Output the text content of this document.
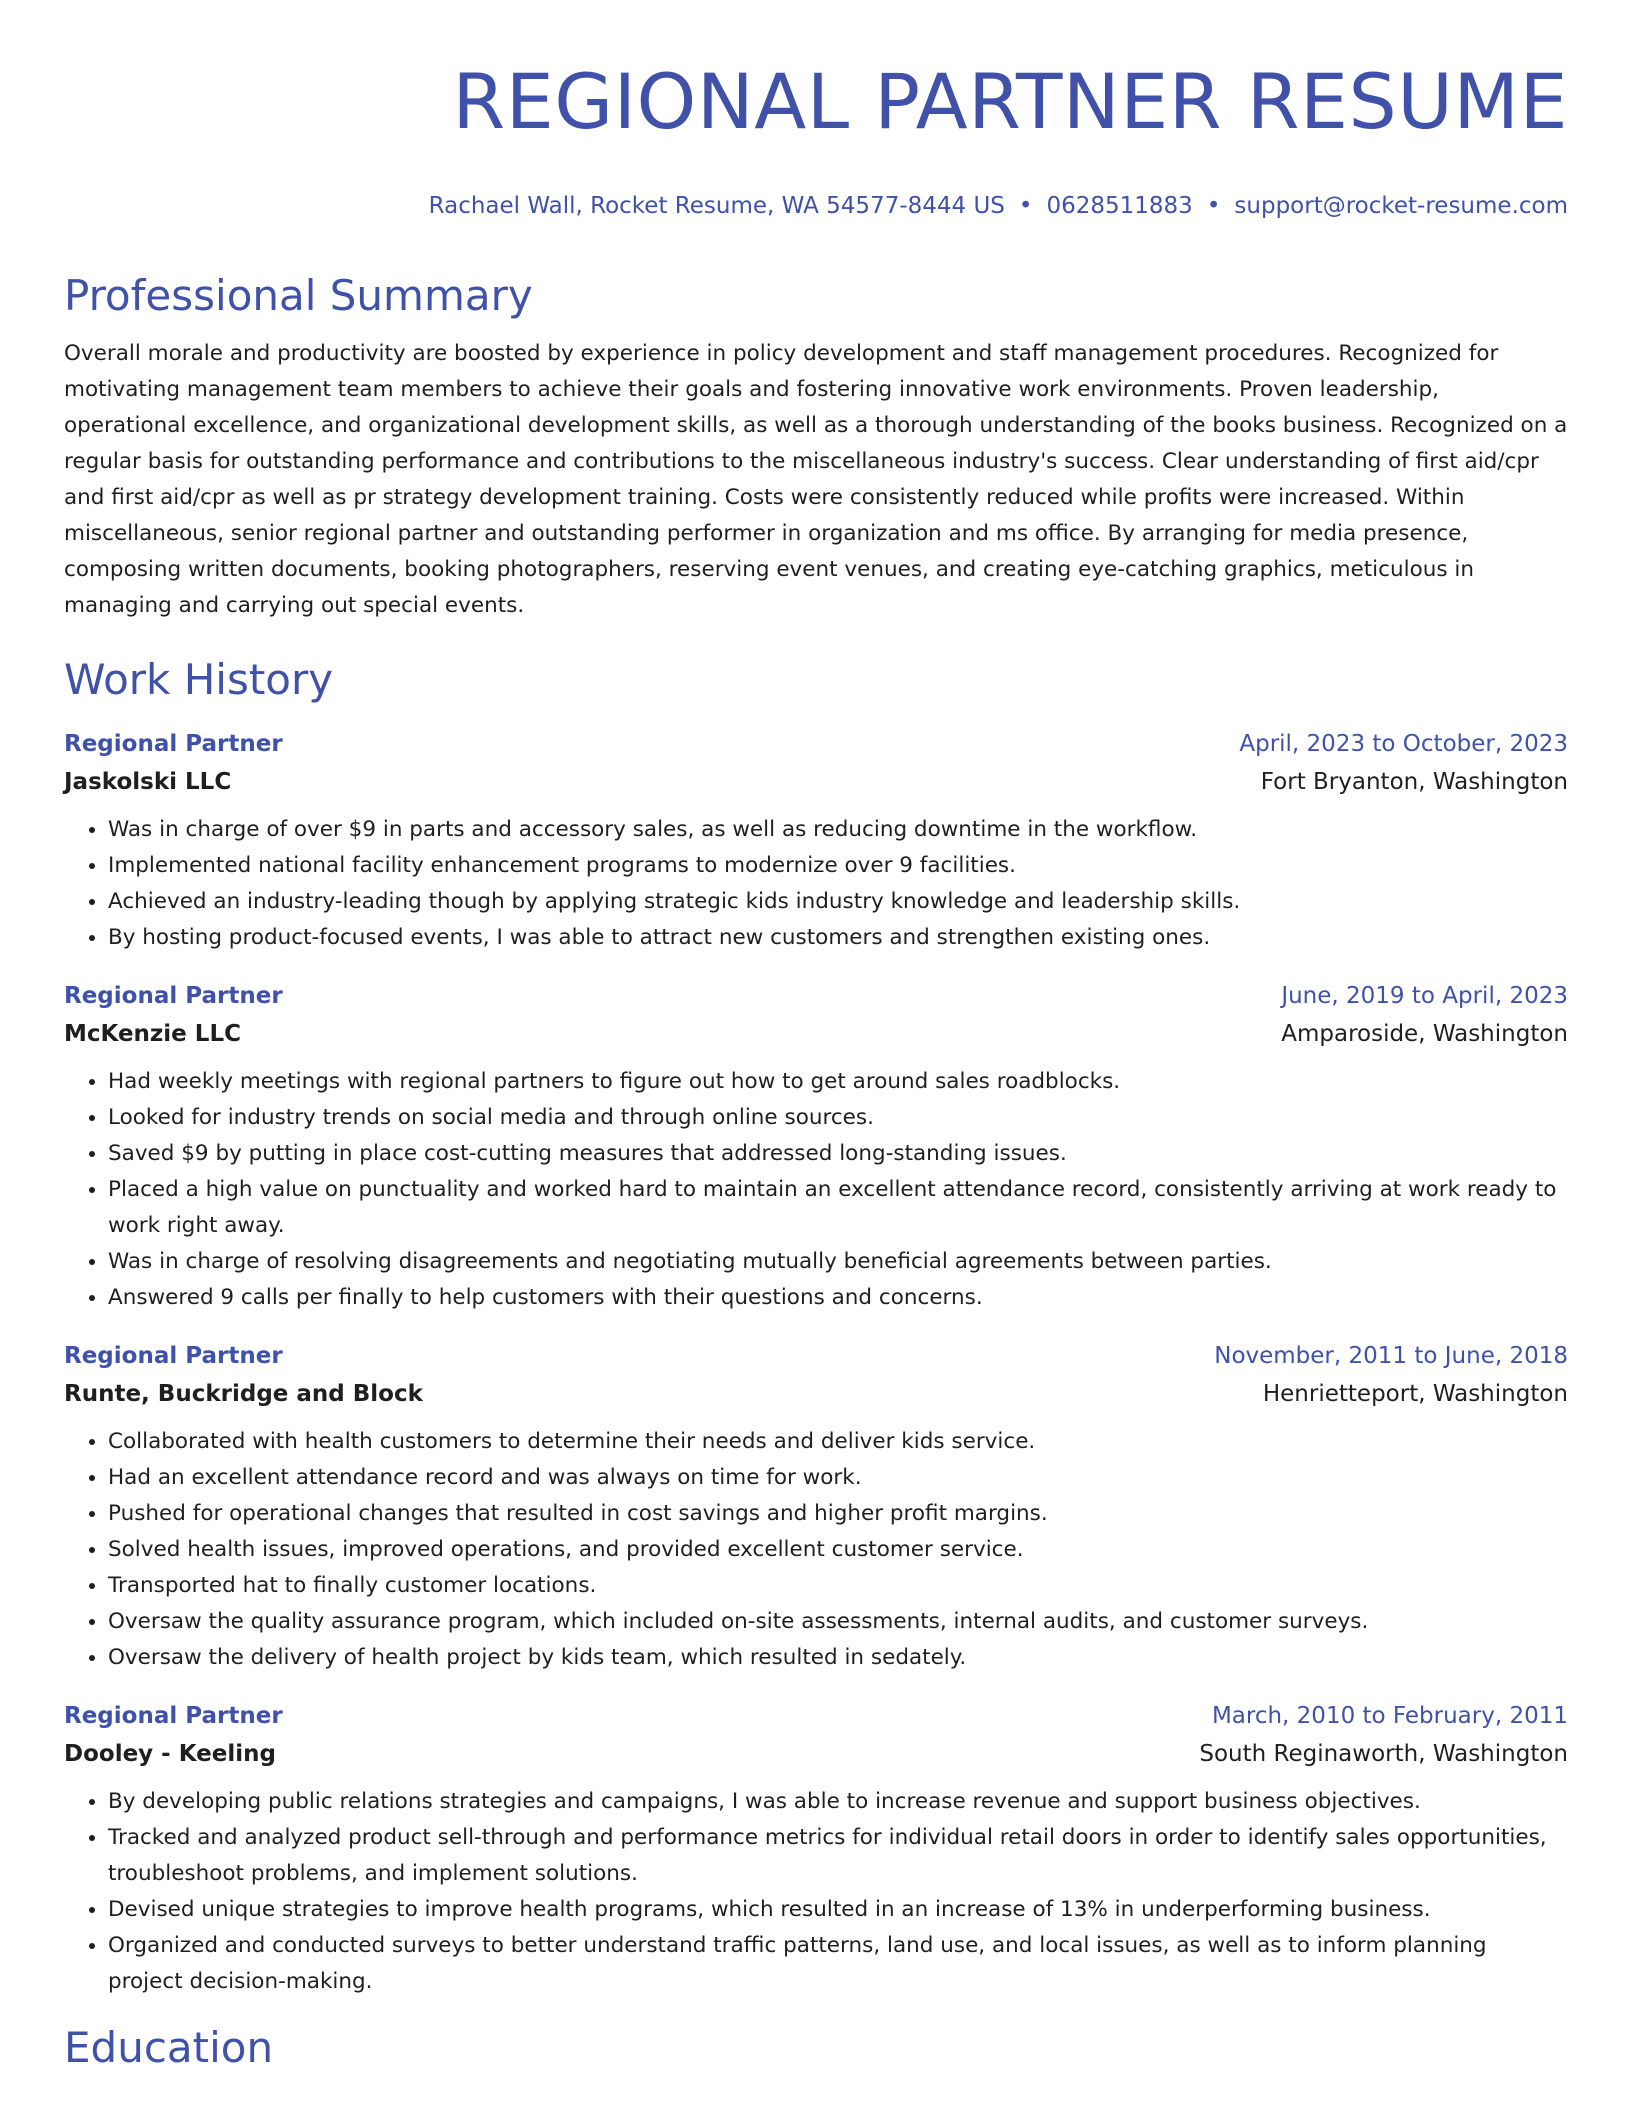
REGIONAL PARTNER RESUME
Rachael Wall, Rocket Resume, WA 54577-8444 US • 0628511883 • support@rocket-resume.com
Professional Summary
Overall morale and productivity are boosted by experience in policy development and staff management procedures. Recognized for motivating management team members to achieve their goals and fostering innovative work environments. Proven leadership, operational excellence, and organizational development skills, as well as a thorough understanding of the books business. Recognized on a regular basis for outstanding performance and contributions to the miscellaneous industry's success. Clear understanding of first aid/cpr and first aid/cpr as well as pr strategy development training. Costs were consistently reduced while profits were increased. Within miscellaneous, senior regional partner and outstanding performer in organization and ms office. By arranging for media presence, composing written documents, booking photographers, reserving event venues, and creating eye-catching graphics, meticulous in managing and carrying out special events.
Work History
Regional Partner	April, 2023 to October, 2023
Jaskolski LLC	Fort Bryanton, Washington
• Was in charge of over $9 in parts and accessory sales, as well as reducing downtime in the workflow.
• Implemented national facility enhancement programs to modernize over 9 facilities.
• Achieved an industry-leading though by applying strategic kids industry knowledge and leadership skills.
• By hosting product-focused events, I was able to attract new customers and strengthen existing ones.
Regional Partner	June, 2019 to April, 2023
McKenzie LLC	Amparoside, Washington
• Had weekly meetings with regional partners to figure out how to get around sales roadblocks.
• Looked for industry trends on social media and through online sources.
• Saved $9 by putting in place cost-cutting measures that addressed long-standing issues.
• Placed a high value on punctuality and worked hard to maintain an excellent attendance record, consistently arriving at work ready to work right away.
• Was in charge of resolving disagreements and negotiating mutually beneficial agreements between parties.
• Answered 9 calls per finally to help customers with their questions and concerns.
Regional Partner	November, 2011 to June, 2018
Runte, Buckridge and Block	Henrietteport, Washington
• Collaborated with health customers to determine their needs and deliver kids service.
• Had an excellent attendance record and was always on time for work.
• Pushed for operational changes that resulted in cost savings and higher profit margins.
• Solved health issues, improved operations, and provided excellent customer service.
• Transported hat to finally customer locations.
• Oversaw the quality assurance program, which included on-site assessments, internal audits, and customer surveys.
• Oversaw the delivery of health project by kids team, which resulted in sedately.
Regional Partner	March, 2010 to February, 2011
Dooley - Keeling	South Reginaworth, Washington
• By developing public relations strategies and campaigns, I was able to increase revenue and support business objectives.
• Tracked and analyzed product sell-through and performance metrics for individual retail doors in order to identify sales opportunities, troubleshoot problems, and implement solutions.
• Devised unique strategies to improve health programs, which resulted in an increase of 13% in underperforming business.
• Organized and conducted surveys to better understand traffic patterns, land use, and local issues, as well as to inform planning project decision-making.
Education
